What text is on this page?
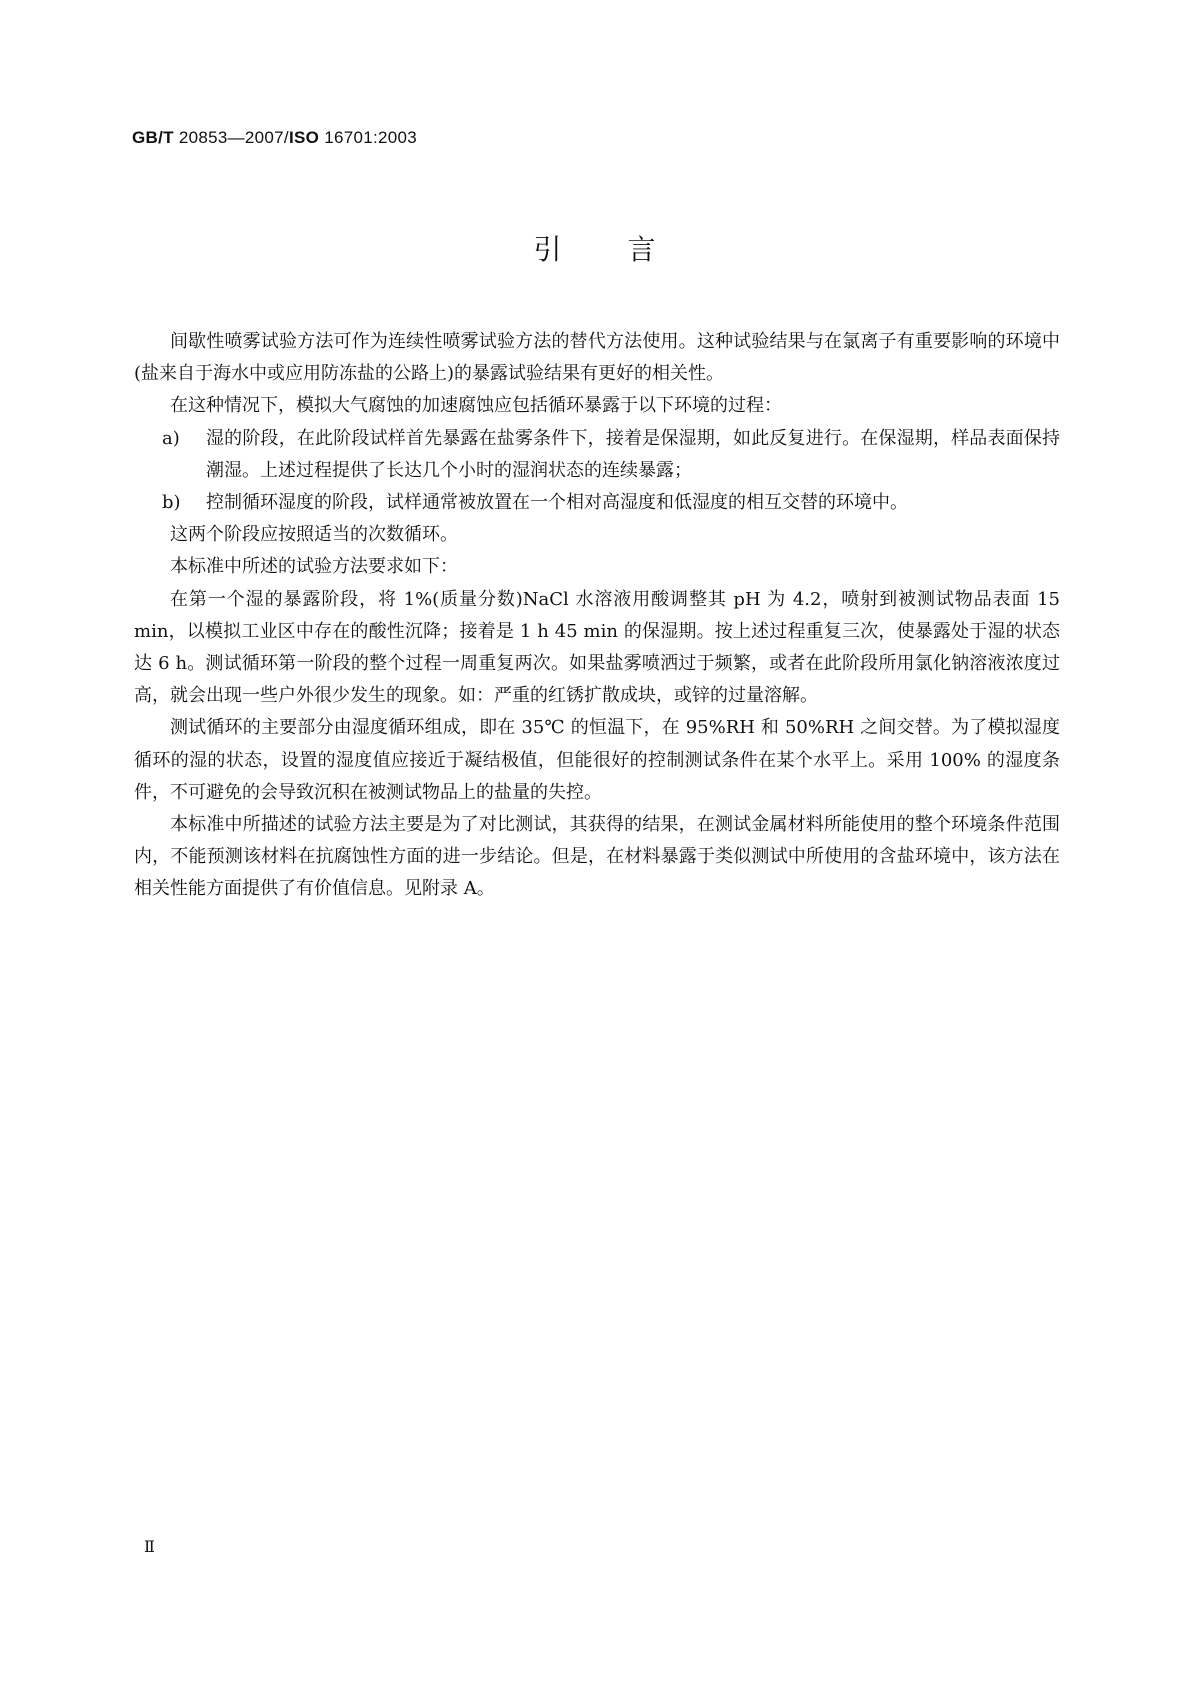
GB/T 20853—2007/ISO 16701:2003
引 言

间歇性喷雾试验方法可作为连续性喷雾试验方法的替代方法使用。这种试验结果与在氯离子有重要影响的环境中(盐来自于海水中或应用防冻盐的公路上)的暴露试验结果有更好的相关性。

在这种情况下，模拟大气腐蚀的加速腐蚀应包括循环暴露于以下环境的过程：

a) 湿的阶段，在此阶段试样首先暴露在盐雾条件下，接着是保湿期，如此反复进行。在保湿期，样品表面保持潮湿。上述过程提供了长达几个小时的湿润状态的连续暴露；

b) 控制循环湿度的阶段，试样通常被放置在一个相对高湿度和低湿度的相互交替的环境中。

这两个阶段应按照适当的次数循环。

本标准中所述的试验方法要求如下：

在第一个湿的暴露阶段，将 1%(质量分数)NaCl 水溶液用酸调整其 pH 为 4.2，喷射到被测试物品表面 15 min，以模拟工业区中存在的酸性沉降；接着是 1 h 45 min 的保湿期。按上述过程重复三次，使暴露处于湿的状态达 6 h。测试循环第一阶段的整个过程一周重复两次。如果盐雾喷洒过于频繁，或者在此阶段所用氯化钠溶液浓度过高，就会出现一些户外很少发生的现象。如：严重的红锈扩散成块，或锌的过量溶解。

测试循环的主要部分由湿度循环组成，即在 35℃ 的恒温下，在 95%RH 和 50%RH 之间交替。为了模拟湿度循环的湿的状态，设置的湿度值应接近于凝结极值，但能很好的控制测试条件在某个水平上。采用 100% 的湿度条件，不可避免的会导致沉积在被测试物品上的盐量的失控。

本标准中所描述的试验方法主要是为了对比测试，其获得的结果，在测试金属材料所能使用的整个环境条件范围内，不能预测该材料在抗腐蚀性方面的进一步结论。但是，在材料暴露于类似测试中所使用的含盐环境中，该方法在相关性能方面提供了有价值信息。见附录 A。

Ⅱ
